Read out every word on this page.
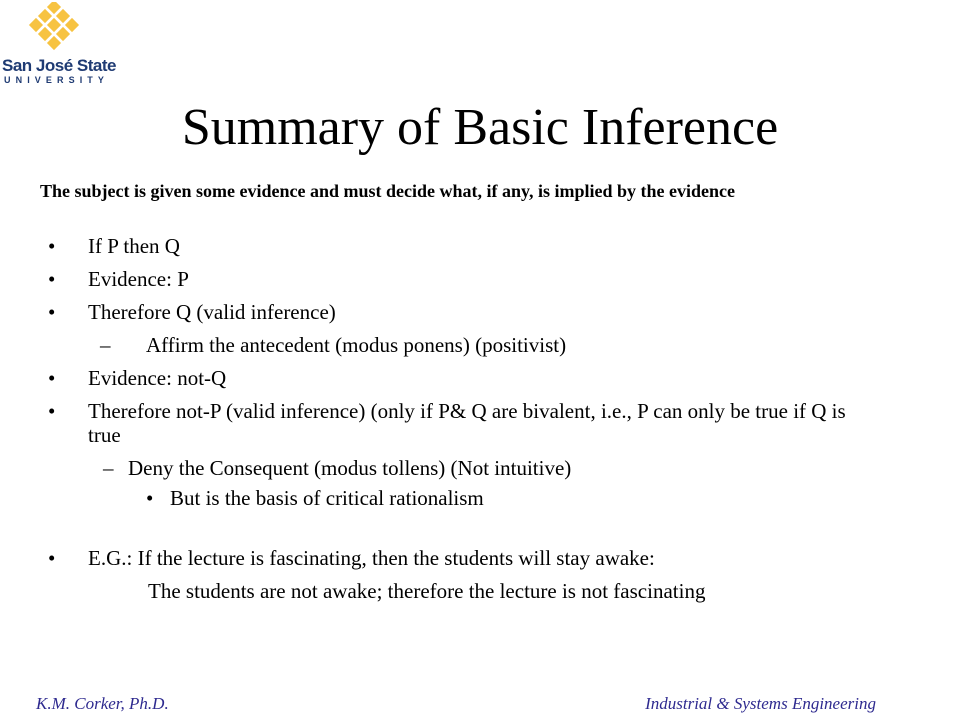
San José State
UNIVERSITY
Summary of Basic Inference
The subject is given some evidence and must decide what, if any, is implied by the evidence
• If P then Q
• Evidence: P
• Therefore Q (valid inference)
– Affirm the antecedent (modus ponens) (positivist)
• Evidence: not-Q
• Therefore not-P (valid inference) (only if P& Q are bivalent, i.e., P can only be true if Q is true
– Deny the Consequent (modus tollens) (Not intuitive)
• But is the basis of critical rationalism
• E.G.: If the lecture is fascinating, then the students will stay awake:
The students are not awake; therefore the lecture is not fascinating
K.M. Corker, Ph.D.	Industrial & Systems Engineering
